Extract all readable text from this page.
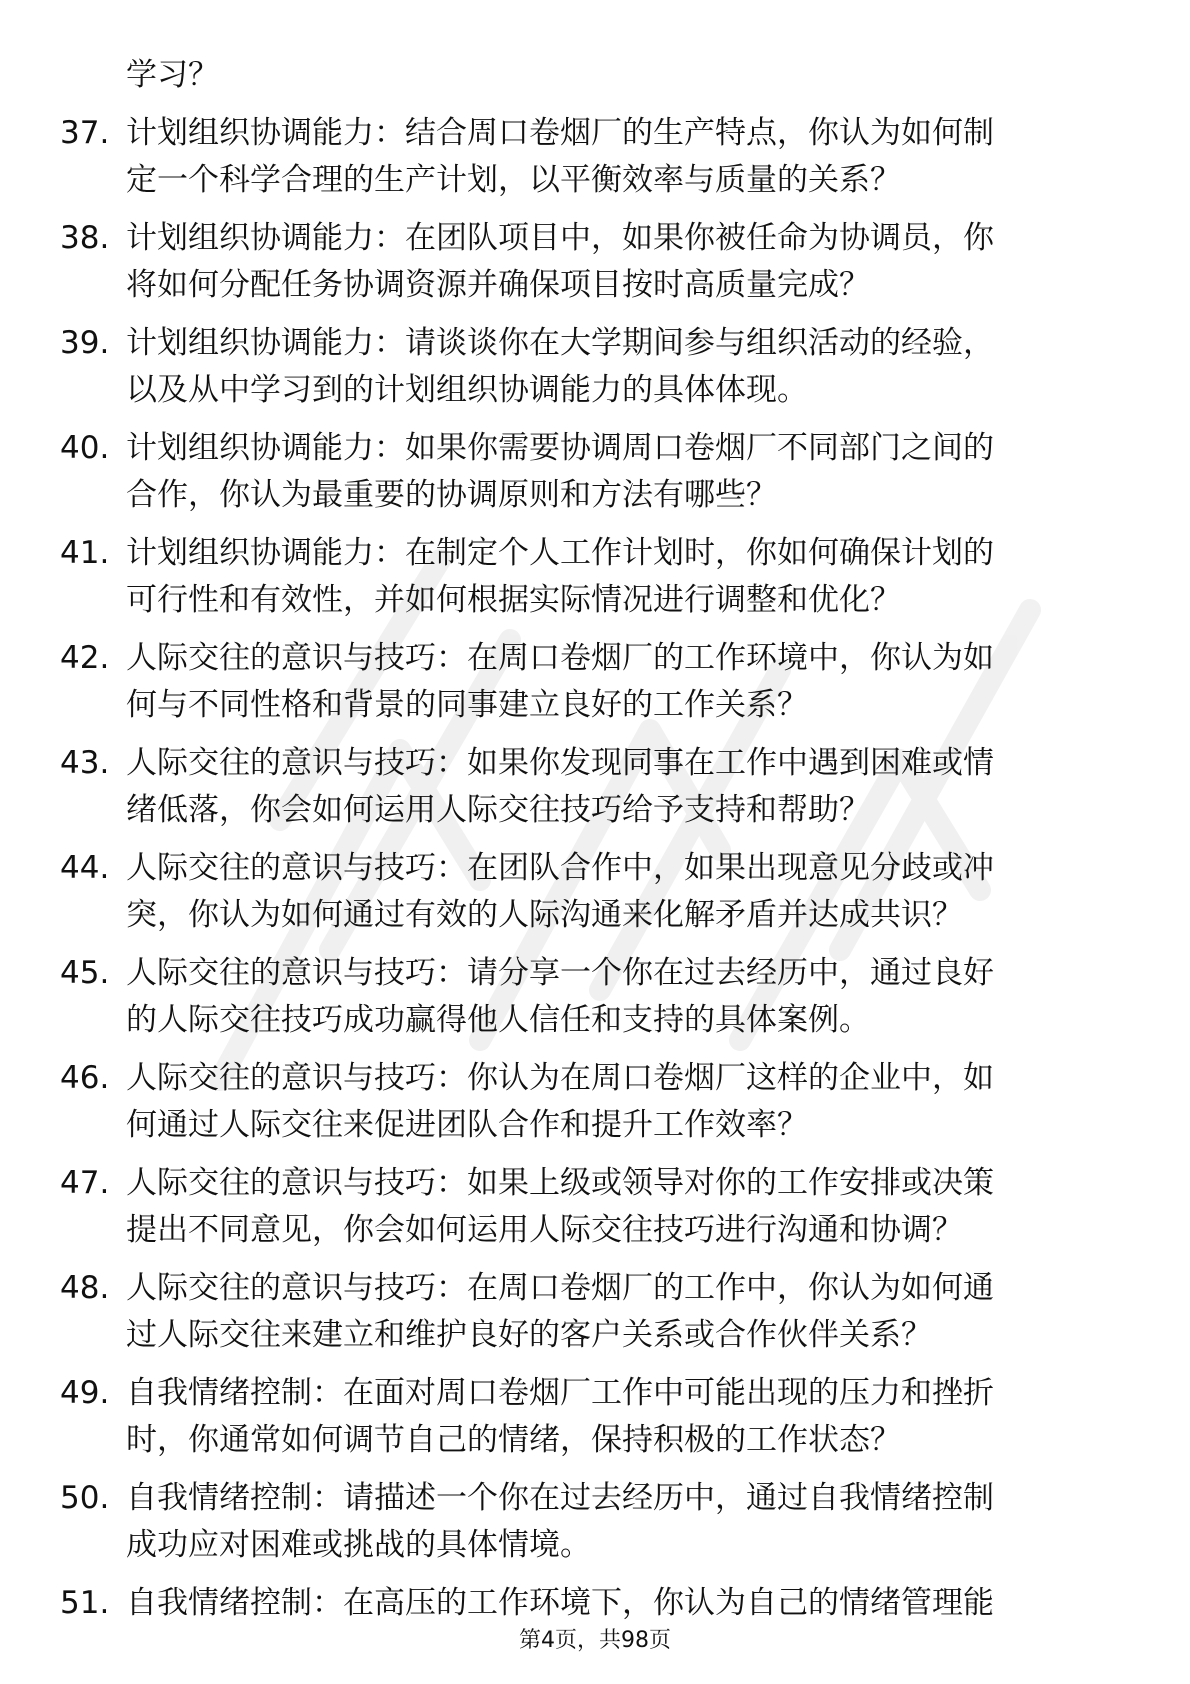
学习？
37. 计划组织协调能力：结合周口卷烟厂的生产特点，你认为如何制
定一个科学合理的生产计划，以平衡效率与质量的关系？
38. 计划组织协调能力：在团队项目中，如果你被任命为协调员，你
将如何分配任务协调资源并确保项目按时高质量完成？
39. 计划组织协调能力：请谈谈你在大学期间参与组织活动的经验，
以及从中学习到的计划组织协调能力的具体体现。
40. 计划组织协调能力：如果你需要协调周口卷烟厂不同部门之间的
合作，你认为最重要的协调原则和方法有哪些？
41. 计划组织协调能力：在制定个人工作计划时，你如何确保计划的
可行性和有效性，并如何根据实际情况进行调整和优化？
42. 人际交往的意识与技巧：在周口卷烟厂的工作环境中，你认为如
何与不同性格和背景的同事建立良好的工作关系？
43. 人际交往的意识与技巧：如果你发现同事在工作中遇到困难或情
绪低落，你会如何运用人际交往技巧给予支持和帮助？
44. 人际交往的意识与技巧：在团队合作中，如果出现意见分歧或冲
突，你认为如何通过有效的人际沟通来化解矛盾并达成共识？
45. 人际交往的意识与技巧：请分享一个你在过去经历中，通过良好
的人际交往技巧成功赢得他人信任和支持的具体案例。
46. 人际交往的意识与技巧：你认为在周口卷烟厂这样的企业中，如
何通过人际交往来促进团队合作和提升工作效率？
47. 人际交往的意识与技巧：如果上级或领导对你的工作安排或决策
提出不同意见，你会如何运用人际交往技巧进行沟通和协调？
48. 人际交往的意识与技巧：在周口卷烟厂的工作中，你认为如何通
过人际交往来建立和维护良好的客户关系或合作伙伴关系？
49. 自我情绪控制：在面对周口卷烟厂工作中可能出现的压力和挫折
时，你通常如何调节自己的情绪，保持积极的工作状态？
50. 自我情绪控制：请描述一个你在过去经历中，通过自我情绪控制
成功应对困难或挑战的具体情境。
51. 自我情绪控制：在高压的工作环境下，你认为自己的情绪管理能
第4页，共98页
